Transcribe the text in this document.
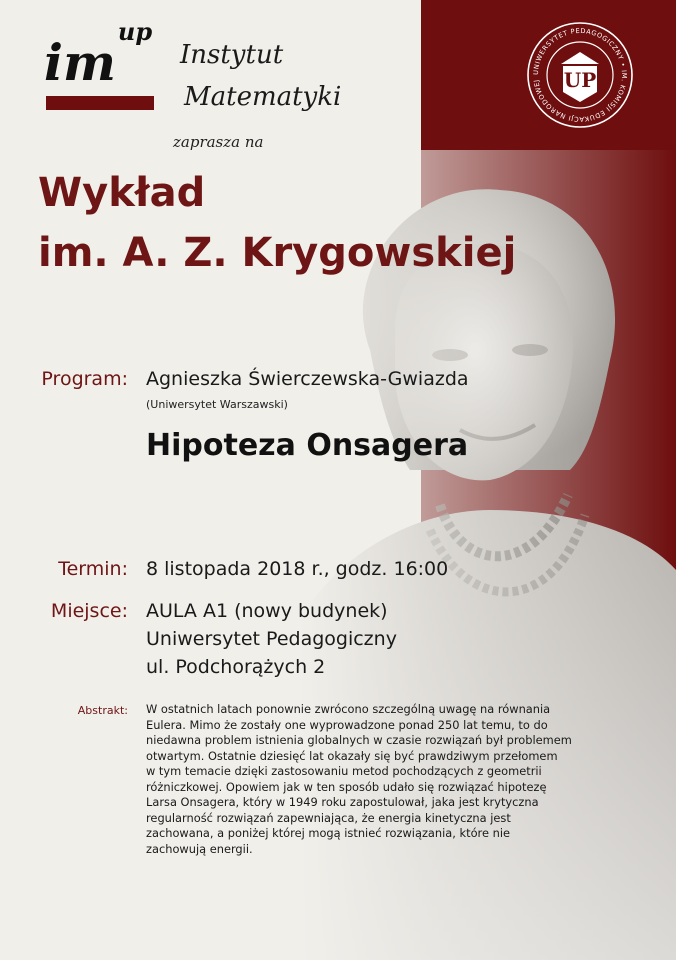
$im^{up}$
Instytut
Matematyki
zaprasza na
UNIWERSYTET PEDAGOGICZNY • IM. KOMISJI EDUKACJI NARODOWEJ	UP
Wykład
im. A. Z. Krygowskiej
Program: Agnieszka Świerczewska-Gwiazda
(Uniwersytet Warszawski)
Hipoteza Onsagera
Termin: 8 listopada 2018 r., godz. 16:00
Miejsce: AULA A1 (nowy budynek)
Uniwersytet Pedagogiczny
ul. Podchorążych 2
Abstrakt: W ostatnich latach ponownie zwrócono szczególną uwagę na równania
Eulera. Mimo że zostały one wyprowadzone ponad 250 lat temu, to do
niedawna problem istnienia globalnych w czasie rozwiązań był problemem
otwartym. Ostatnie dziesięć lat okazały się być prawdziwym przełomem
w tym temacie dzięki zastosowaniu metod pochodzących z geometrii
różniczkowej. Opowiem jak w ten sposób udało się rozwiązać hipotezę
Larsa Onsagera, który w 1949 roku zapostulował, jaka jest krytyczna
regularność rozwiązań zapewniająca, że energia kinetyczna jest
zachowana, a poniżej której mogą istnieć rozwiązania, które nie
zachowują energii.
